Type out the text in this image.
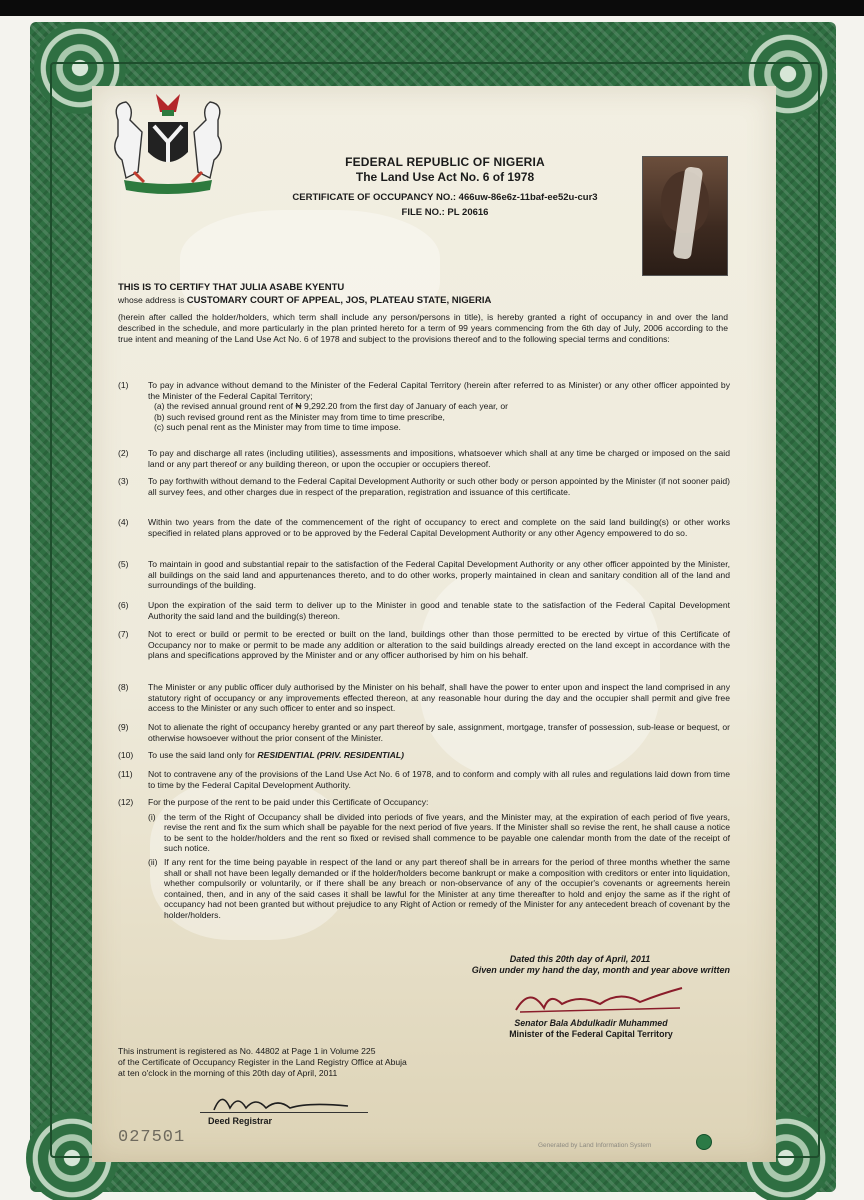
FEDERAL REPUBLIC OF NIGERIA
The Land Use Act No. 6 of 1978
CERTIFICATE OF OCCUPANCY NO.: 466uw-86e6z-11baf-ee52u-cur3
FILE NO.: PL 20616
THIS IS TO CERTIFY THAT JULIA ASABE KYENTU
whose address is CUSTOMARY COURT OF APPEAL, JOS, PLATEAU STATE, NIGERIA
(herein after called the holder/holders, which term shall include any person/persons in title), is hereby granted a right of occupancy in and over the land described in the schedule, and more particularly in the plan printed hereto for a term of 99 years commencing from the 6th day of July, 2006 according to the true intent and meaning of the Land Use Act No. 6 of 1978 and subject to the provisions thereof and to the following special terms and conditions:
(1)	To pay in advance without demand to the Minister of the Federal Capital Territory (herein after referred to as Minister) or any other officer appointed by the Minister of the Federal Capital Territory;
(a) the revised annual ground rent of ₦ 9,292.20 from the first day of January of each year, or
(b) such revised ground rent as the Minister may from time to time prescribe,
(c) such penal rent as the Minister may from time to time impose.
(2)	To pay and discharge all rates (including utilities), assessments and impositions, whatsoever which shall at any time be charged or imposed on the said land or any part thereof or any building thereon, or upon the occupier or occupiers thereof.
(3)	To pay forthwith without demand to the Federal Capital Development Authority or such other body or person appointed by the Minister (if not sooner paid) all survey fees, and other charges due in respect of the preparation, registration and issuance of this certificate.
(4)	Within two years from the date of the commencement of the right of occupancy to erect and complete on the said land building(s) or other works specified in related plans approved or to be approved by the Federal Capital Development Authority or any other Agency empowered to do so.
(5)	To maintain in good and substantial repair to the satisfaction of the Federal Capital Development Authority or any other officer appointed by the Minister, all buildings on the said land and appurtenances thereto, and to do other works, properly maintained in clean and sanitary condition all of the land and surroundings of the building.
(6)	Upon the expiration of the said term to deliver up to the Minister in good and tenable state to the satisfaction of the Federal Capital Development Authority the said land and the building(s) thereon.
(7)	Not to erect or build or permit to be erected or built on the land, buildings other than those permitted to be erected by virtue of this Certificate of Occupancy nor to make or permit to be made any addition or alteration to the said buildings already erected on the land except in accordance with the plans and specifications approved by the Minister and or any officer authorised by him on his behalf.
(8)	The Minister or any public officer duly authorised by the Minister on his behalf, shall have the power to enter upon and inspect the land comprised in any statutory right of occupancy or any improvements effected thereon, at any reasonable hour during the day and the occupier shall permit and give free access to the Minister or any such officer to enter and so inspect.
(9)	Not to alienate the right of occupancy hereby granted or any part thereof by sale, assignment, mortgage, transfer of possession, sub-lease or bequest, or otherwise howsoever without the prior consent of the Minister.
(10)	To use the said land only for RESIDENTIAL (PRIV. RESIDENTIAL)
(11)	Not to contravene any of the provisions of the Land Use Act No. 6 of 1978, and to conform and comply with all rules and regulations laid down from time to time by the Federal Capital Development Authority.
(12)	For the purpose of the rent to be paid under this Certificate of Occupancy:
(i) the term of the Right of Occupancy shall be divided into periods of five years, and the Minister may, at the expiration of each period of five years, revise the rent and fix the sum which shall be payable for the next period of five years. If the Minister shall so revise the rent, he shall cause a notice to be sent to the holder/holders and the rent so fixed or revised shall commence to be payable one calendar month from the date of the receipt of such notice.
(ii) If any rent for the time being payable in respect of the land or any part thereof shall be in arrears for the period of three months whether the same shall or shall not have been legally demanded or if the holder/holders become bankrupt or make a composition with creditors or enter into liquidation, whether compulsorily or voluntarily, or if there shall be any breach or non-observance of any of the occupier's covenants or agreements herein contained, then, and in any of the said cases it shall be lawful for the Minister at any time thereafter to hold and enjoy the same as if the right of occupancy had not been granted but without prejudice to any Right of Action or remedy of the Minister for any antecedent breach of covenant by the holder/holders.
Dated this 20th day of April, 2011
Given under my hand the day, month and year above written
Senator Bala Abdulkadir Muhammed
Minister of the Federal Capital Territory
This instrument is registered as No. 44802 at Page 1 in Volume 225
of the Certificate of Occupancy Register in the Land Registry Office at Abuja
at ten o'clock in the morning of this 20th day of April, 2011
Deed Registrar
027501	Generated by Land Information System
